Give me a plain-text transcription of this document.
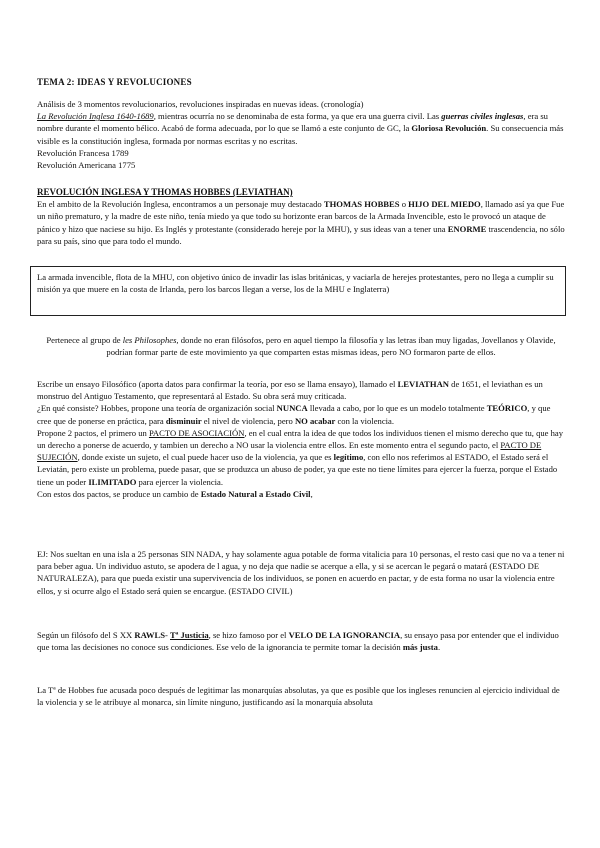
TEMA 2: IDEAS Y REVOLUCIONES

Análisis de 3 momentos revolucionarios, revoluciones inspiradas en nuevas ideas. (cronología)

La Revolución Inglesa 1640-1689, mientras ocurría no se denominaba de esta forma, ya que era una guerra civil. Las guerras civiles inglesas, era su nombre durante el momento bélico. Acabó de forma adecuada, por lo que se llamó a este conjunto de GC, la Gloriosa Revolución. Su consecuencia más visible es la constitución inglesa, formada por normas escritas y no escritas.

Revolución Francesa 1789

Revolución Americana 1775

REVOLUCIÓN INGLESA Y THOMAS HOBBES (LEVIATHAN)

En el ambito de la Revolución Inglesa, encontramos a un personaje muy destacado THOMAS HOBBES o HIJO DEL MIEDO, llamado así ya que Fue un niño prematuro, y la madre de este niño, tenía miedo ya que todo su horizonte eran barcos de la Armada Invencible, esto le provocó un ataque de pánico y hizo que naciese su hijo. Es Inglés y protestante (considerado hereje por la MHU), y sus ideas van a tener una ENORME trascendencia, no sólo para su país, sino que para todo el mundo.

La armada invencible, flota de la MHU, con objetivo único de invadir las islas británicas, y vaciarla de herejes protestantes, pero no llega a cumplir su misión ya que muere en la costa de Irlanda, pero los barcos llegan a verse, los de la MHU e Inglaterra)

Pertenece al grupo de les Philosophes, donde no eran filósofos, pero en aquel tiempo la filosofía y las letras iban muy ligadas, Jovellanos y Olavide, podrían formar parte de este movimiento ya que comparten estas mismas ideas, pero NO formaron parte de ellos.

Escribe un ensayo Filosófico (aporta datos para confirmar la teoría, por eso se llama ensayo), llamado el LEVIATHAN de 1651, el leviathan es un monstruo del Antiguo Testamento, que representará al Estado. Su obra será muy criticada.

¿En qué consiste? Hobbes, propone una teoría de organización social NUNCA llevada a cabo, por lo que es un modelo totalmente TEÓRICO, y que cree que de ponerse en práctica, para disminuir el nivel de violencia, pero NO acabar con la violencia.

Propone 2 pactos, el primero un PACTO DE ASOCIACIÓN, en el cual entra la idea de que todos los individuos tienen el mismo derecho que tu, que hay un derecho a ponerse de acuerdo, y tambien un derecho a NO usar la violencia entre ellos. En este momento entra el segundo pacto, el PACTO DE SUJECIÓN, donde existe un sujeto, el cual puede hacer uso de la violencia, ya que es legítimo, con ello nos referimos al ESTADO, el Estado será el Leviatán, pero existe un problema, puede pasar, que se produzca un abuso de poder, ya que este no tiene límites para ejercer la fuerza, porque el Estado tiene un poder ILIMITADO para ejercer la violencia.

Con estos dos pactos, se produce un cambio de Estado Natural a Estado Civil,

EJ: Nos sueltan en una isla a 25 personas SIN NADA, y hay solamente agua potable de forma vitalicia para 10 personas, el resto casi que no va a tener ni para beber agua. Un individuo astuto, se apodera de l agua, y no deja que nadie se acerque a ella, y si se acercan le pegará o matará (ESTADO DE NATURALEZA), para que pueda existir una supervivencia de los individuos, se ponen en acuerdo en pactar, y de esta forma no usar la violencia entre ellos, y si ocurre algo el Estado será quien se encargue. (ESTADO CIVIL)

Según un filósofo del S XX RAWLS- Tª Justicia, se hizo famoso por el VELO DE LA IGNORANCIA, su ensayo pasa por entender que el individuo que toma las decisiones no conoce sus condiciones. Ese velo de la ignorancia te permite tomar la decisión más justa.

La Tª de Hobbes fue acusada poco después de legitimar las monarquías absolutas, ya que es posible que los ingleses renuncien al ejercicio individual de la violencia y se le atribuye al monarca, sin límite ninguno, justificando así la monarquía absoluta
